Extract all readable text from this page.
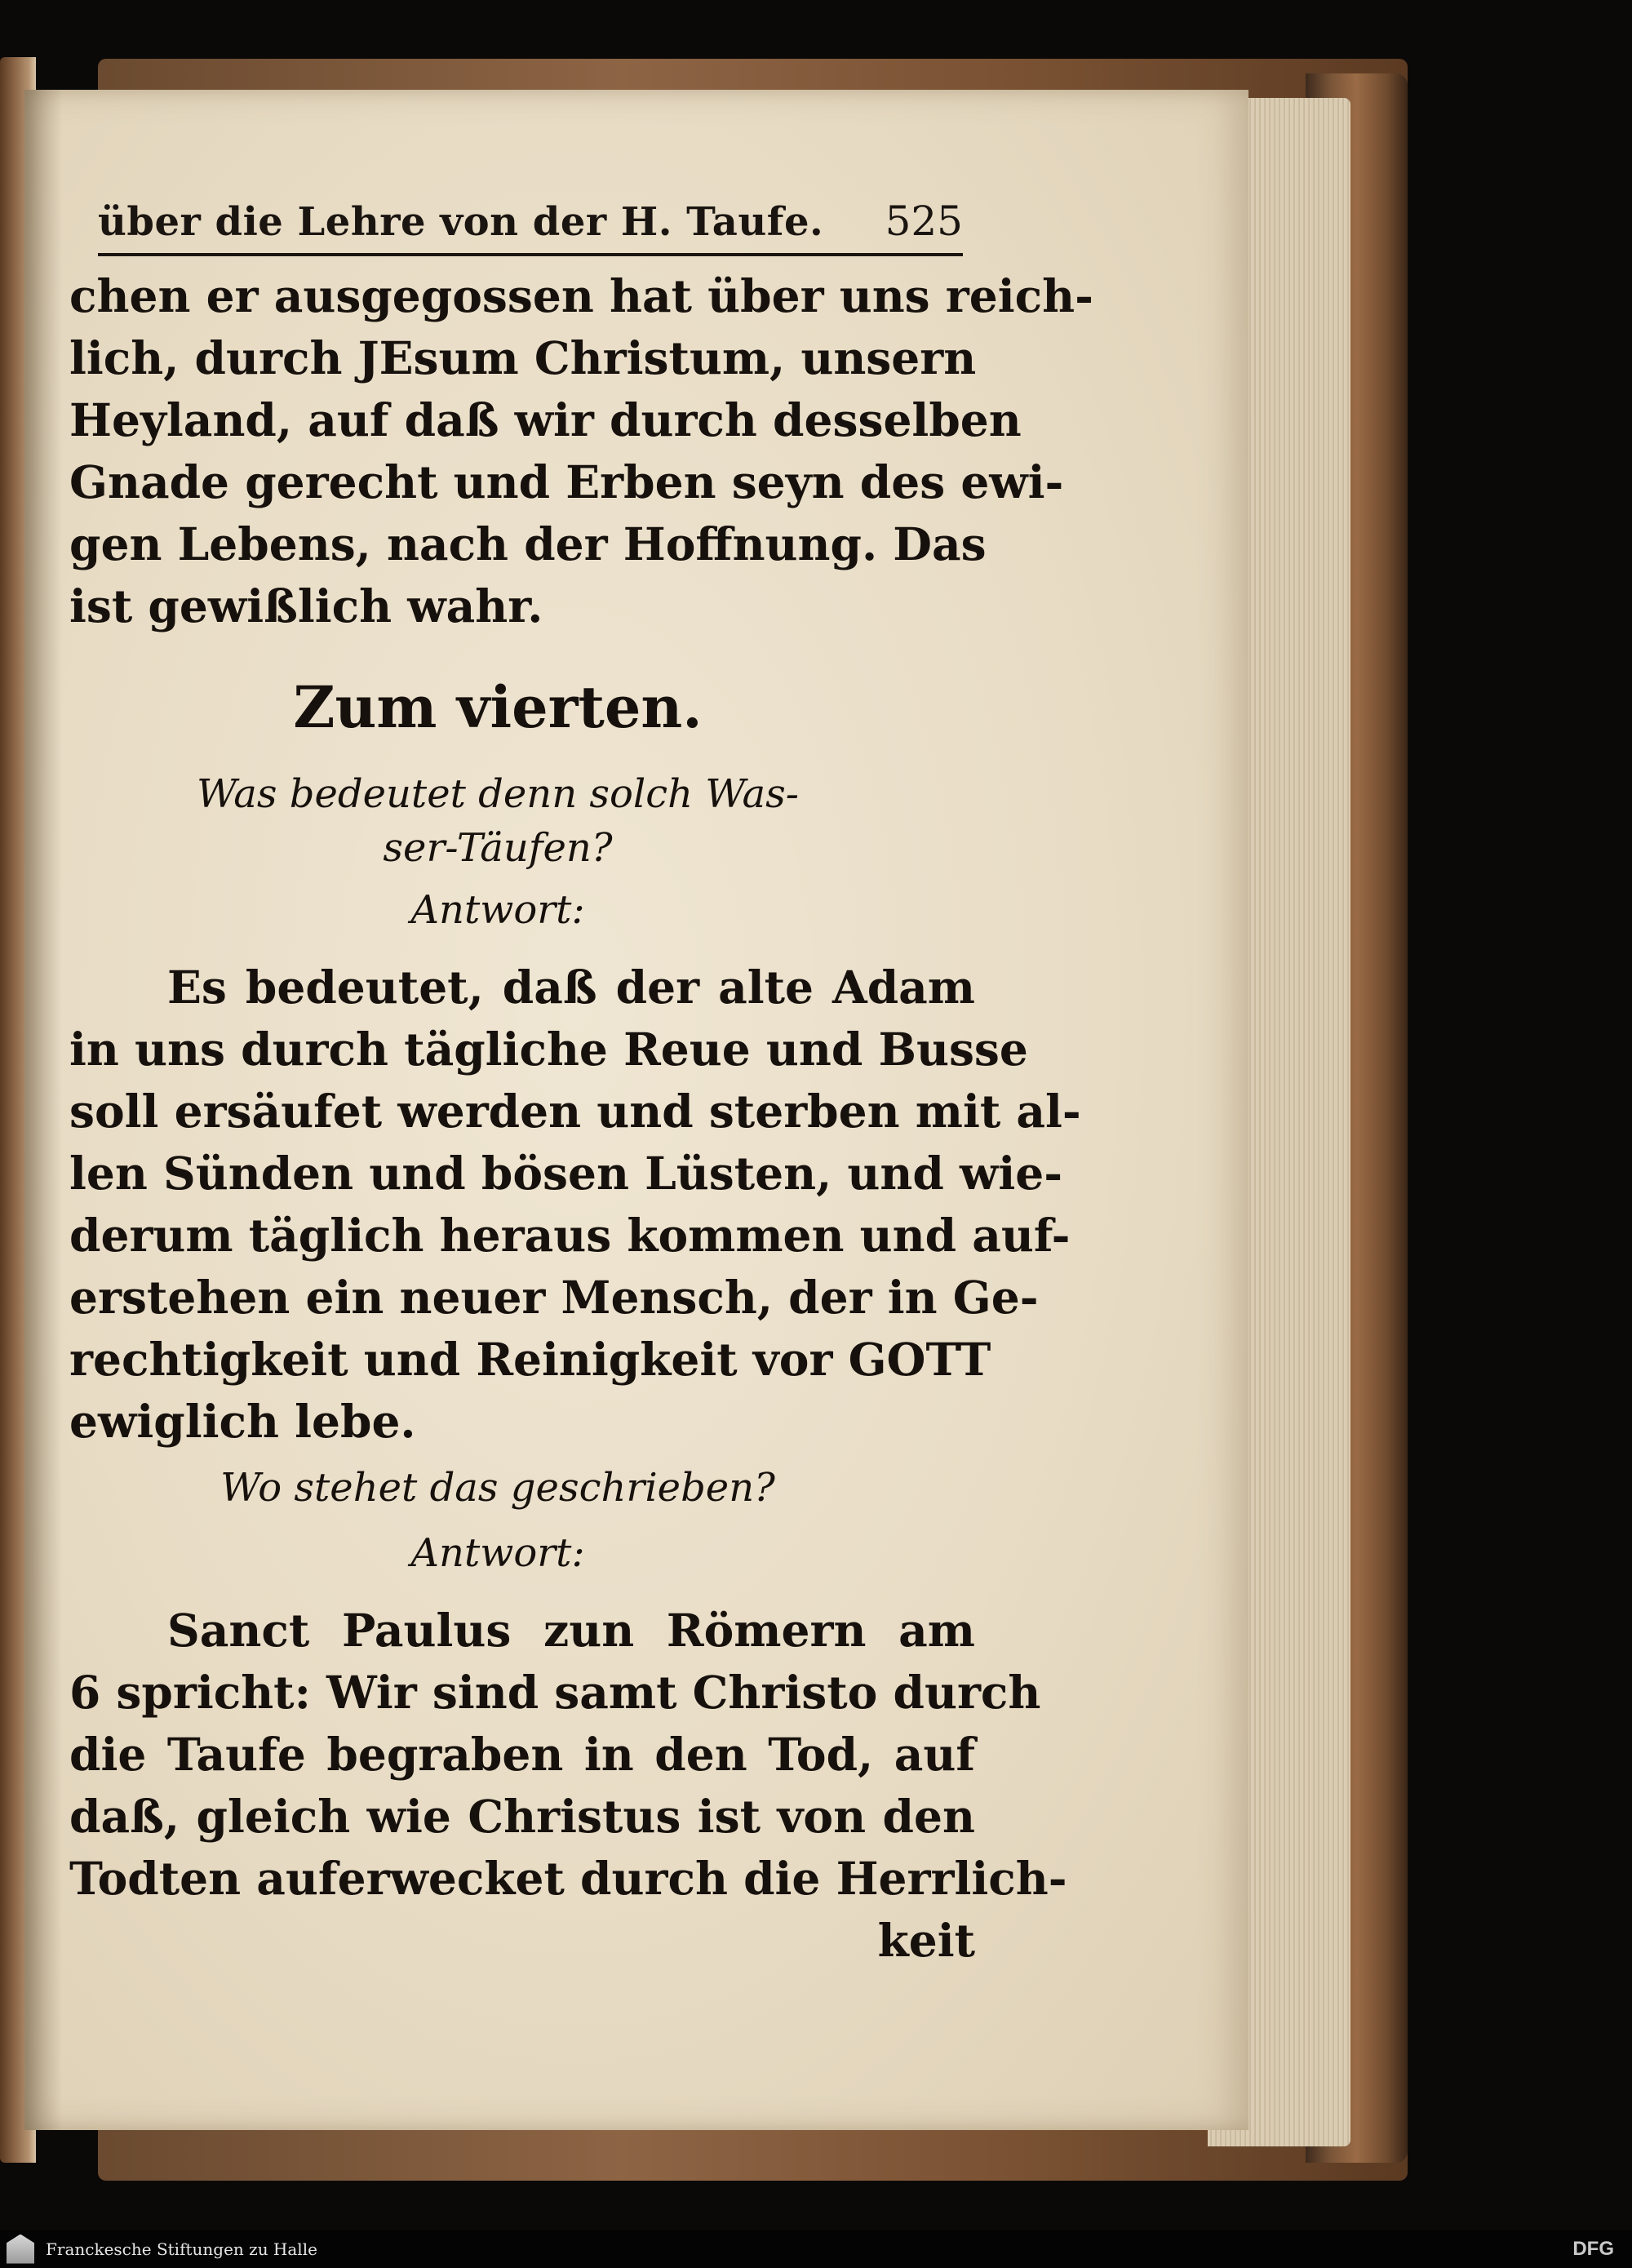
über die Lehre von der H. Taufe. 525
chen er ausgegossen hat über uns reich-
lich, durch JEsum Christum, unsern
Heyland, auf daß wir durch desselben
Gnade gerecht und Erben seyn des ewi-
gen Lebens, nach der Hoffnung. Das
ist gewißlich wahr.
Zum vierten.
Was bedeutet denn solch Was-
ser-Täufen?
Antwort:
Es bedeutet, daß der alte Adam
in uns durch tägliche Reue und Busse
soll ersäufet werden und sterben mit al-
len Sünden und bösen Lüsten, und wie-
derum täglich heraus kommen und auf-
erstehen ein neuer Mensch, der in Ge-
rechtigkeit und Reinigkeit vor GOTT
ewiglich lebe.
Wo stehet das geschrieben?
Antwort:
Sanct Paulus zun Römern am
6 spricht: Wir sind samt Christo durch
die Taufe begraben in den Tod, auf
daß, gleich wie Christus ist von den
Todten auferwecket durch die Herrlich-
keit
Franckesche Stiftungen zu Halle	DFG
